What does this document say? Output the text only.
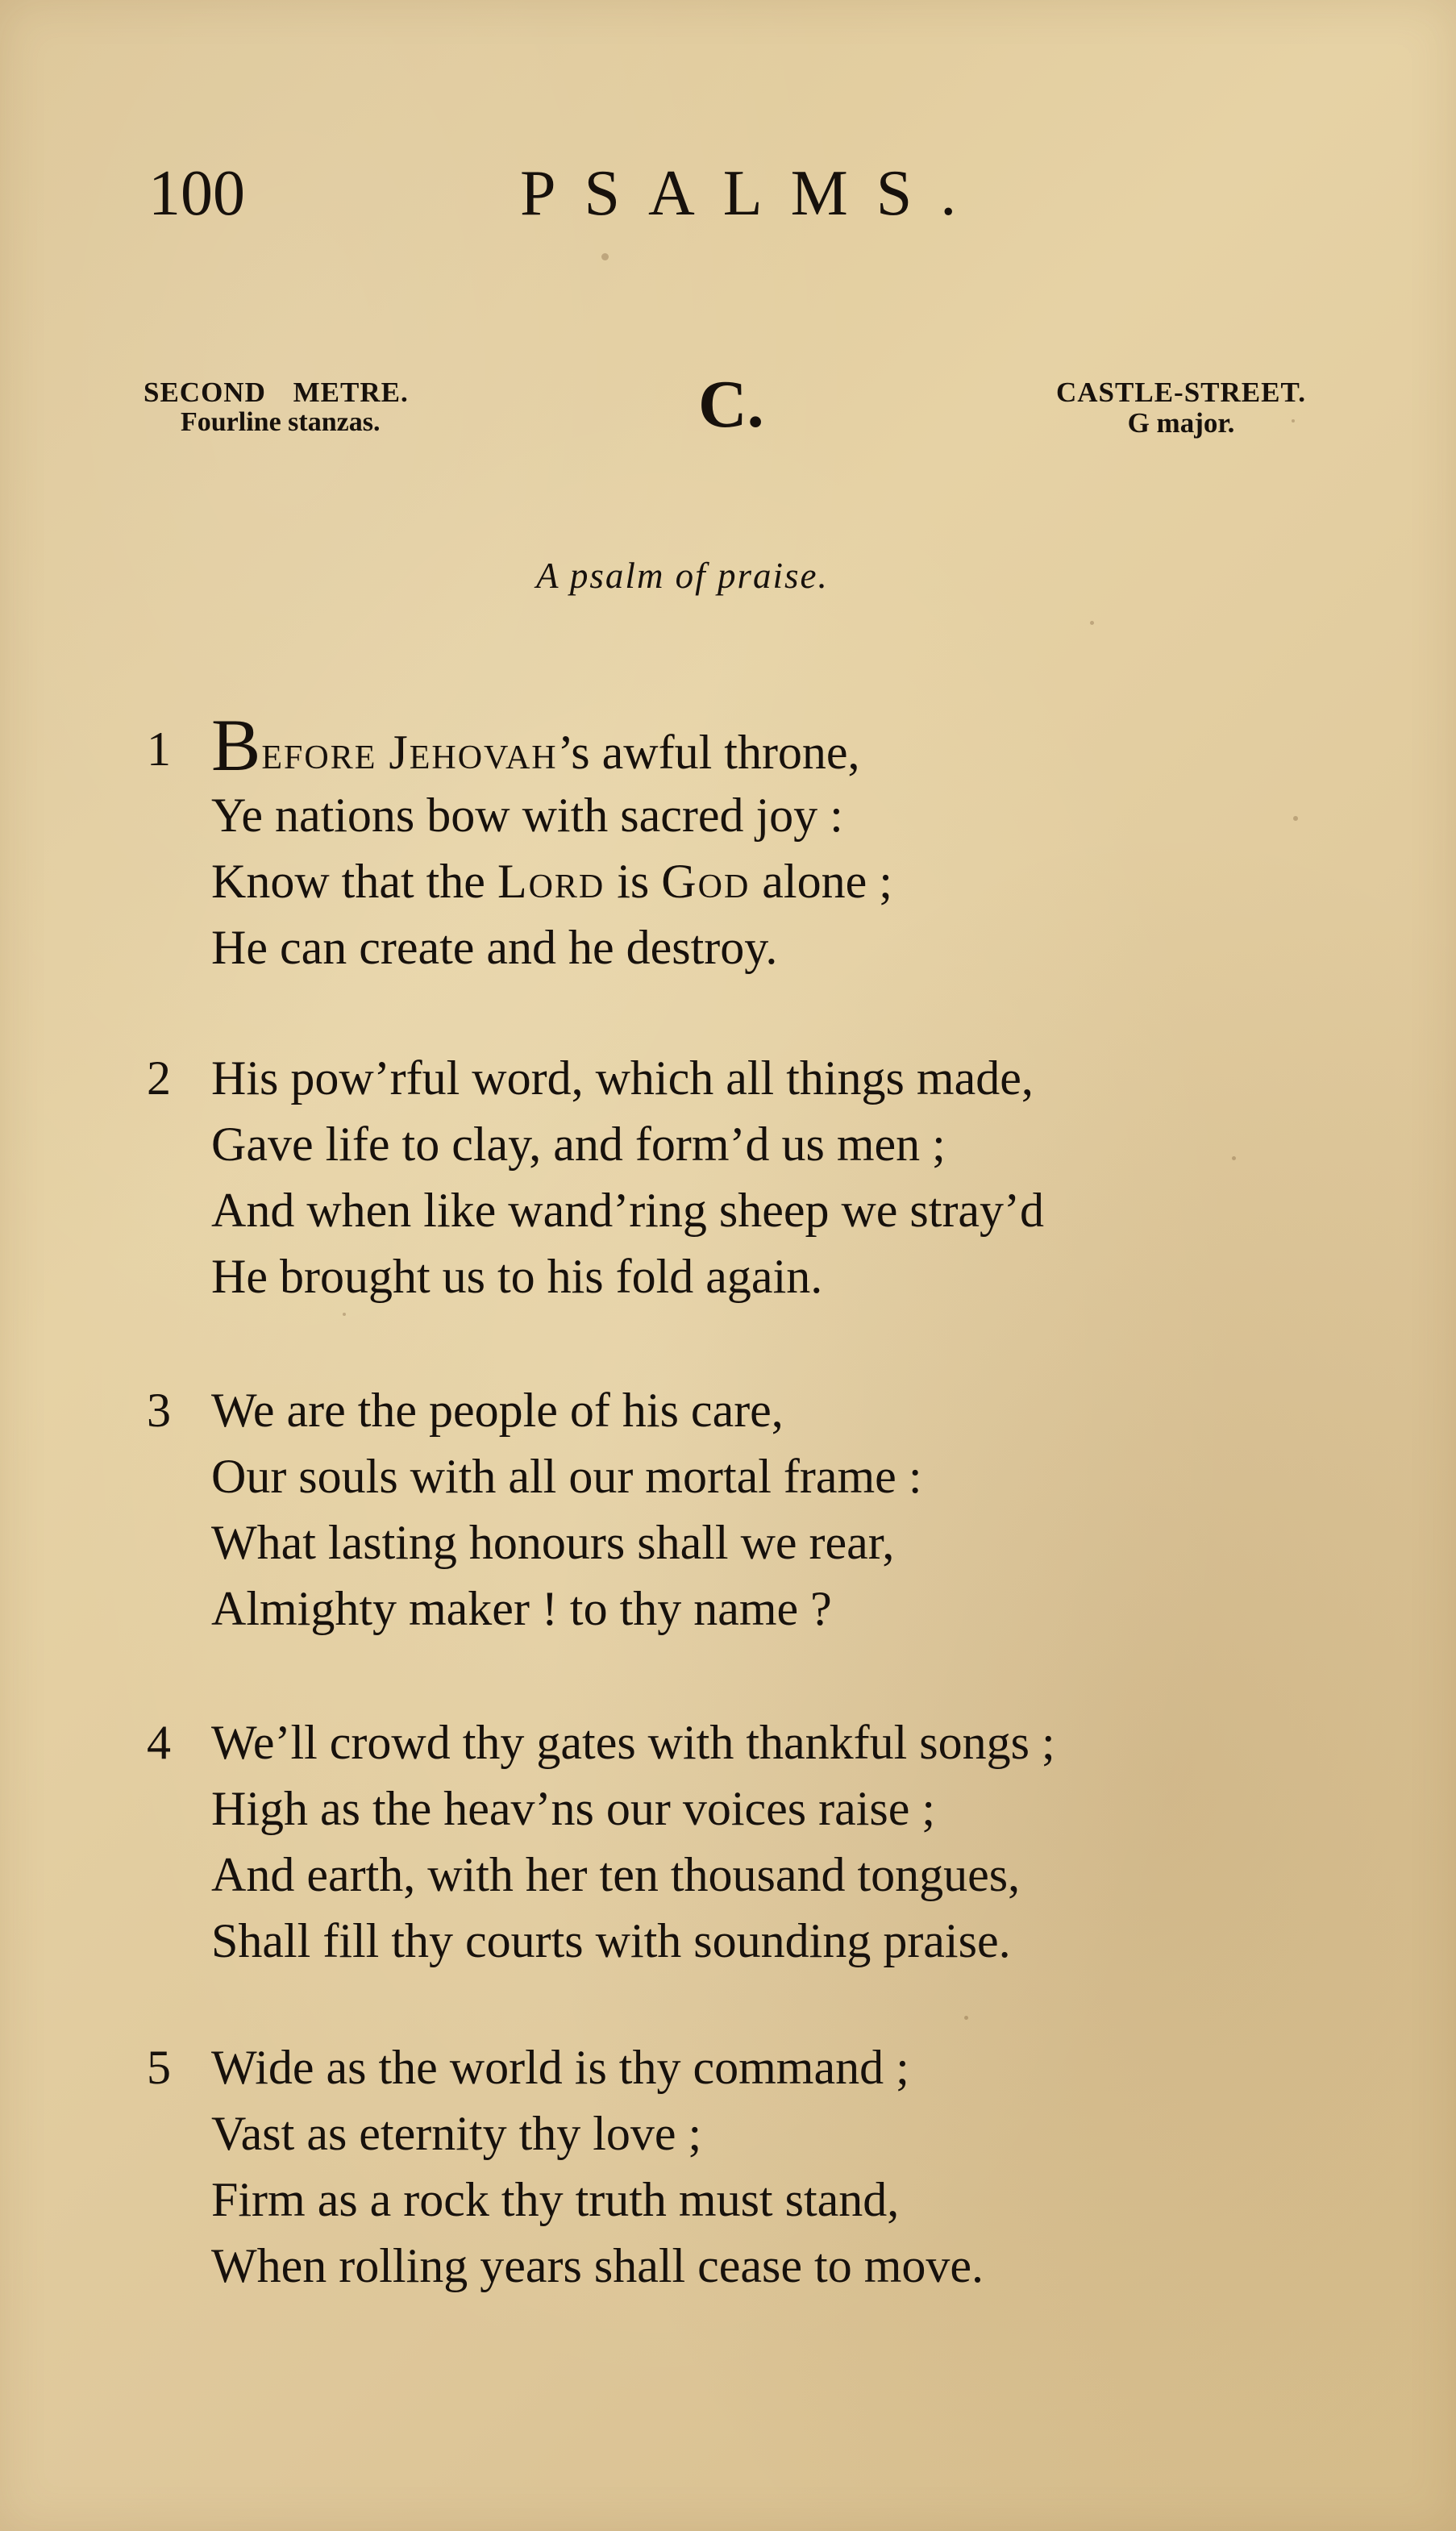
100	PSALMS.
SECOND METRE.
Fourline stanzas.	C.	CASTLE-STREET.
G major.
A psalm of praise.
1 Before Jehovah’s awful throne,
Ye nations bow with sacred joy :
Know that the Lord is God alone ;
He can create and he destroy.
2 His pow’rful word, which all things made,
Gave life to clay, and form’d us men ;
And when like wand’ring sheep we stray’d
He brought us to his fold again.
3 We are the people of his care,
Our souls with all our mortal frame :
What lasting honours shall we rear,
Almighty maker ! to thy name ?
4 We’ll crowd thy gates with thankful songs ;
High as the heav’ns our voices raise ;
And earth, with her ten thousand tongues,
Shall fill thy courts with sounding praise.
5 Wide as the world is thy command ;
Vast as eternity thy love ;
Firm as a rock thy truth must stand,
When rolling years shall cease to move.
